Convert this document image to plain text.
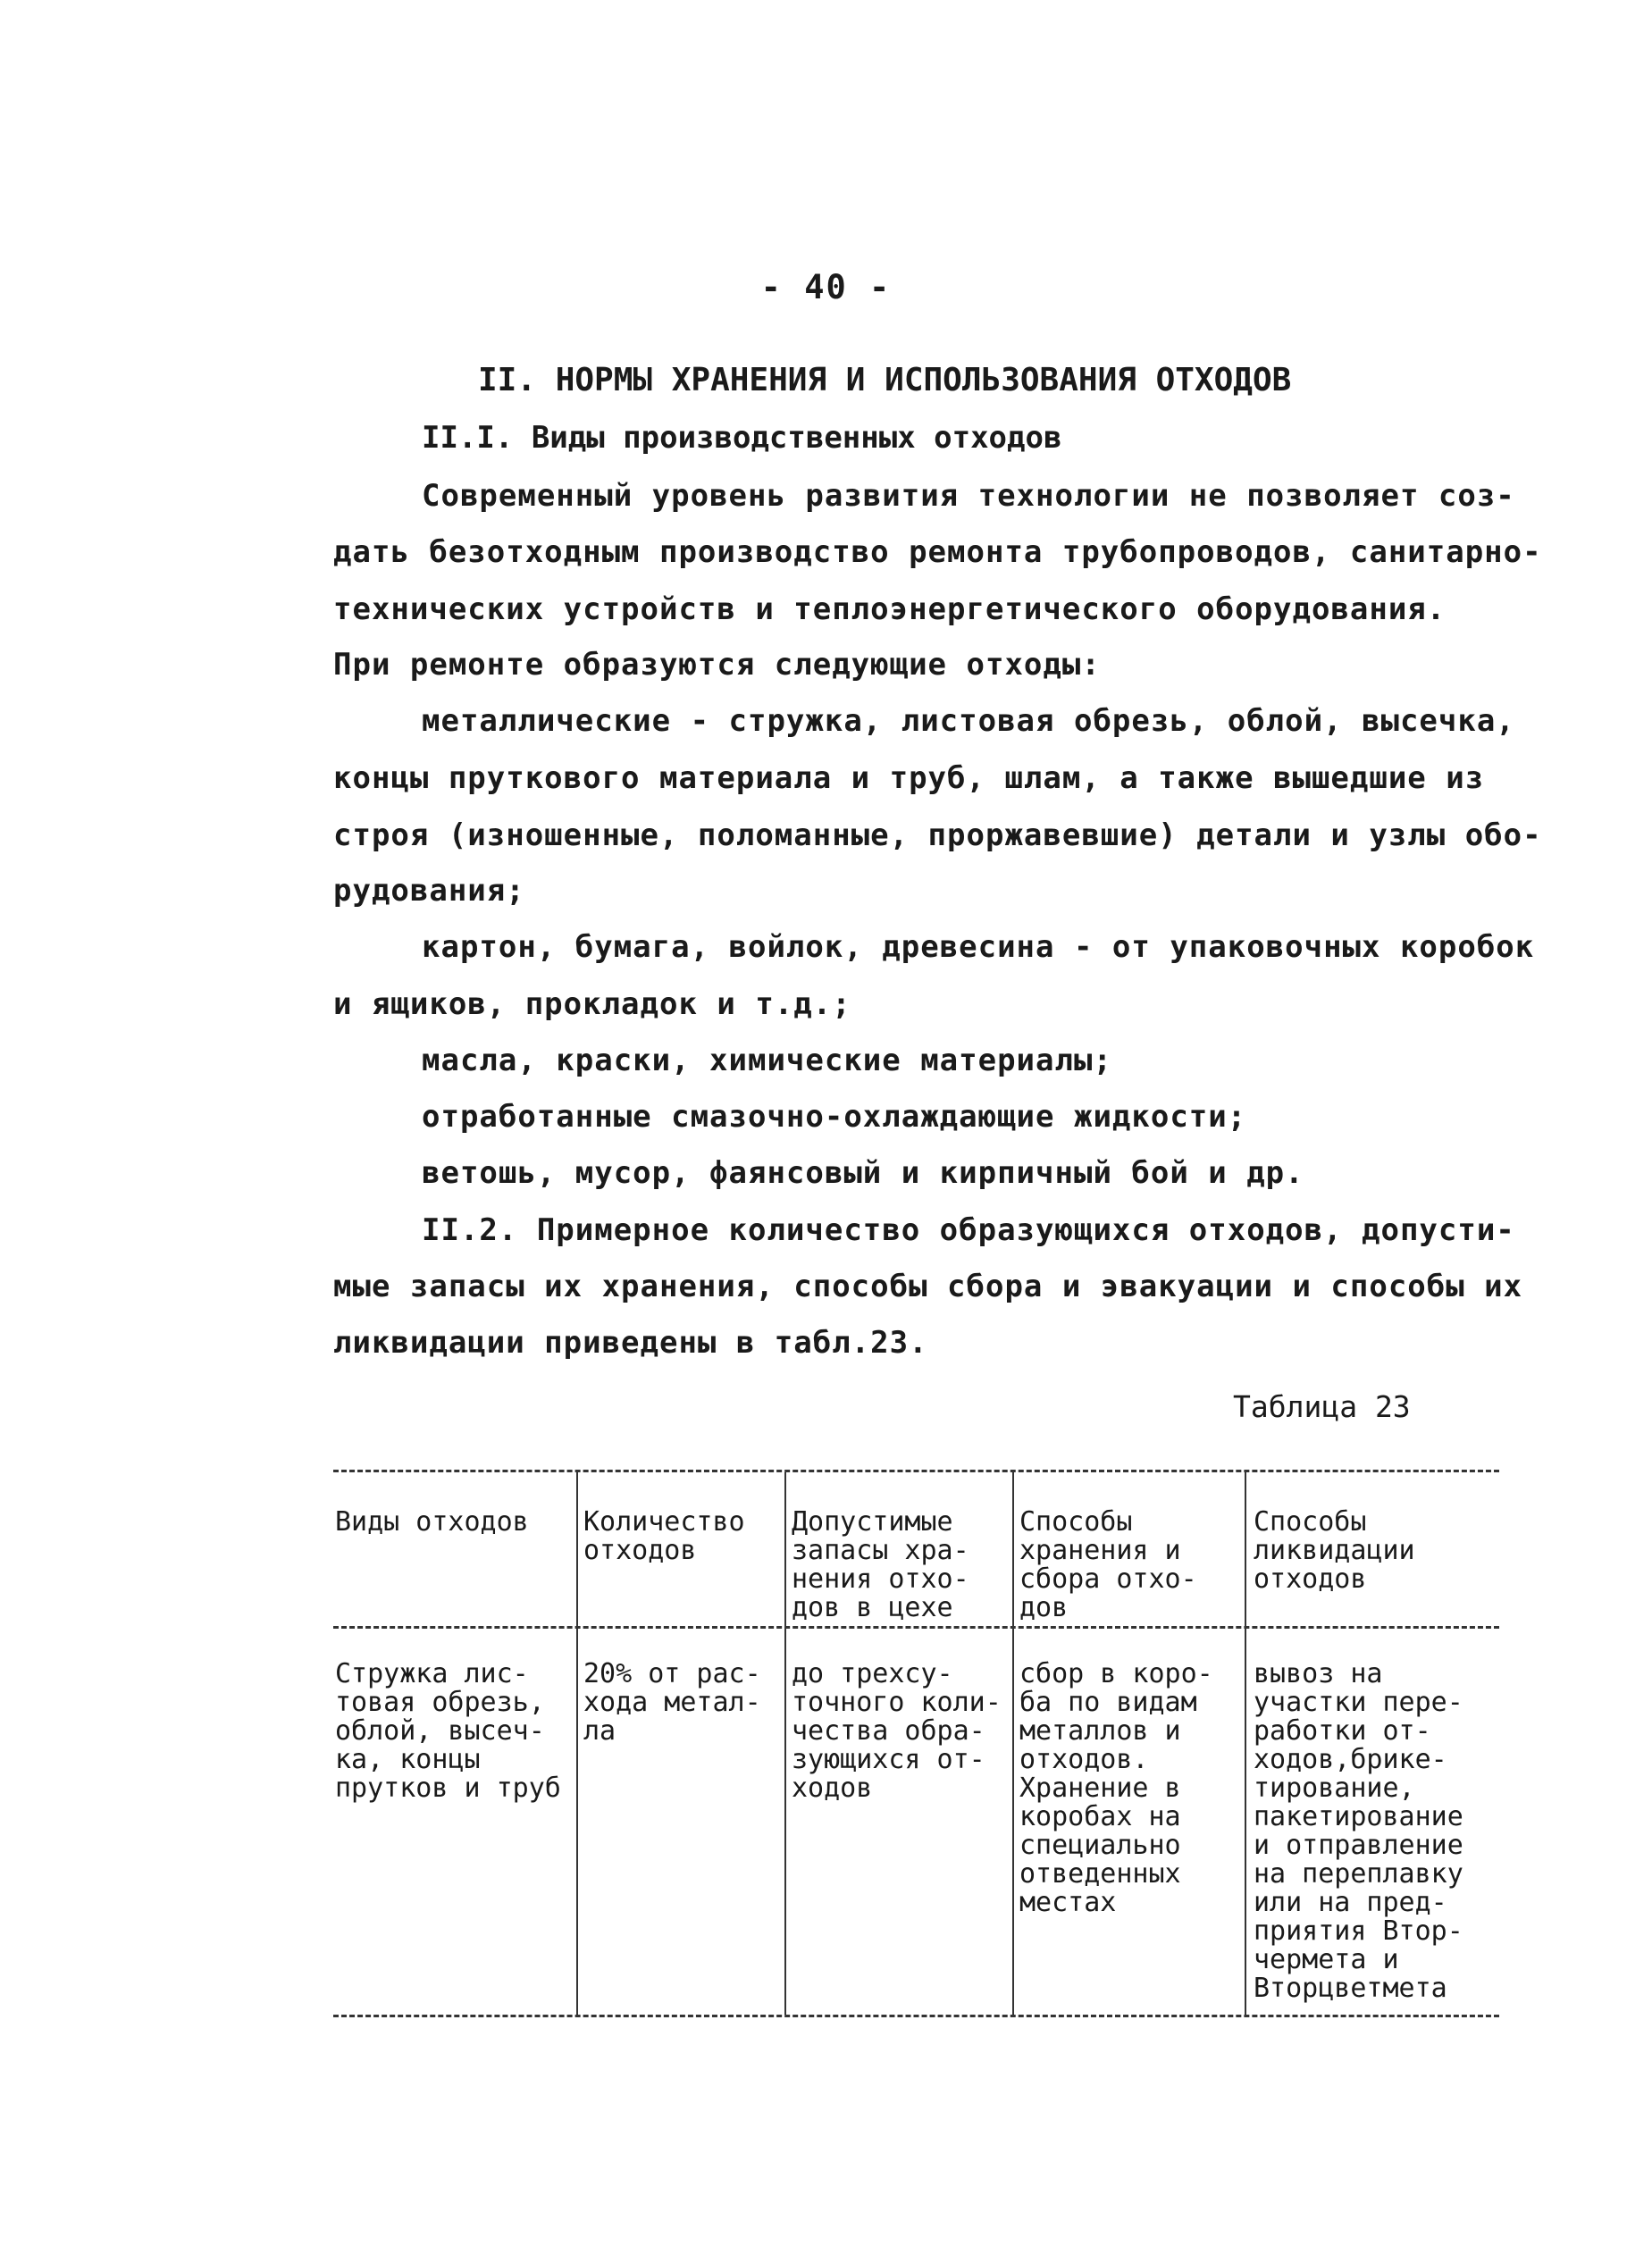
- 40 -
II. НОРМЫ ХРАНЕНИЯ И ИСПОЛЬЗОВАНИЯ ОТХОДОВ
II.I. Виды производственных отходов
Современный уровень развития технологии не позволяет соз-
дать безотходным производство ремонта трубопроводов, санитарно-
технических устройств и теплоэнергетического оборудования.
При ремонте образуются следующие отходы:
металлические - стружка, листовая обрезь, облой, высечка,
концы пруткового материала и труб, шлам, а также вышедшие из
строя (изношенные, поломанные, проржавевшие) детали и узлы обо-
рудования;
картон, бумага, войлок, древесина - от упаковочных коробок
и ящиков, прокладок и т.д.;
масла, краски, химические материалы;
отработанные смазочно-охлаждающие жидкости;
ветошь, мусор, фаянсовый и кирпичный бой и др.
II.2. Примерное количество образующихся отходов, допусти-
мые запасы их хранения, способы сбора и эвакуации и способы их
ликвидации приведены в табл.23.
Таблица 23
Виды отходов Количество
отходов
Допустимые
запасы хра-
нения отхо-
дов в цехе
Способы
хранения и
сбора отхо-
дов
Способы
ликвидации
отходов
Стружка лис-
товая обрезь,
облой, высеч-
ка, концы
прутков и труб
20% от рас-
хода метал-
ла
до трехсу-
точного коли-
чества обра-
зующихся от-
ходов
сбор в коро-
ба по видам
металлов и
отходов.
Хранение в
коробах на
специально
отведенных
местах
вывоз на
участки пере-
работки от-
ходов,брике-
тирование,
пакетирование
и отправление
на переплавку
или на пред-
приятия Втор-
чермета и
Вторцветмета
